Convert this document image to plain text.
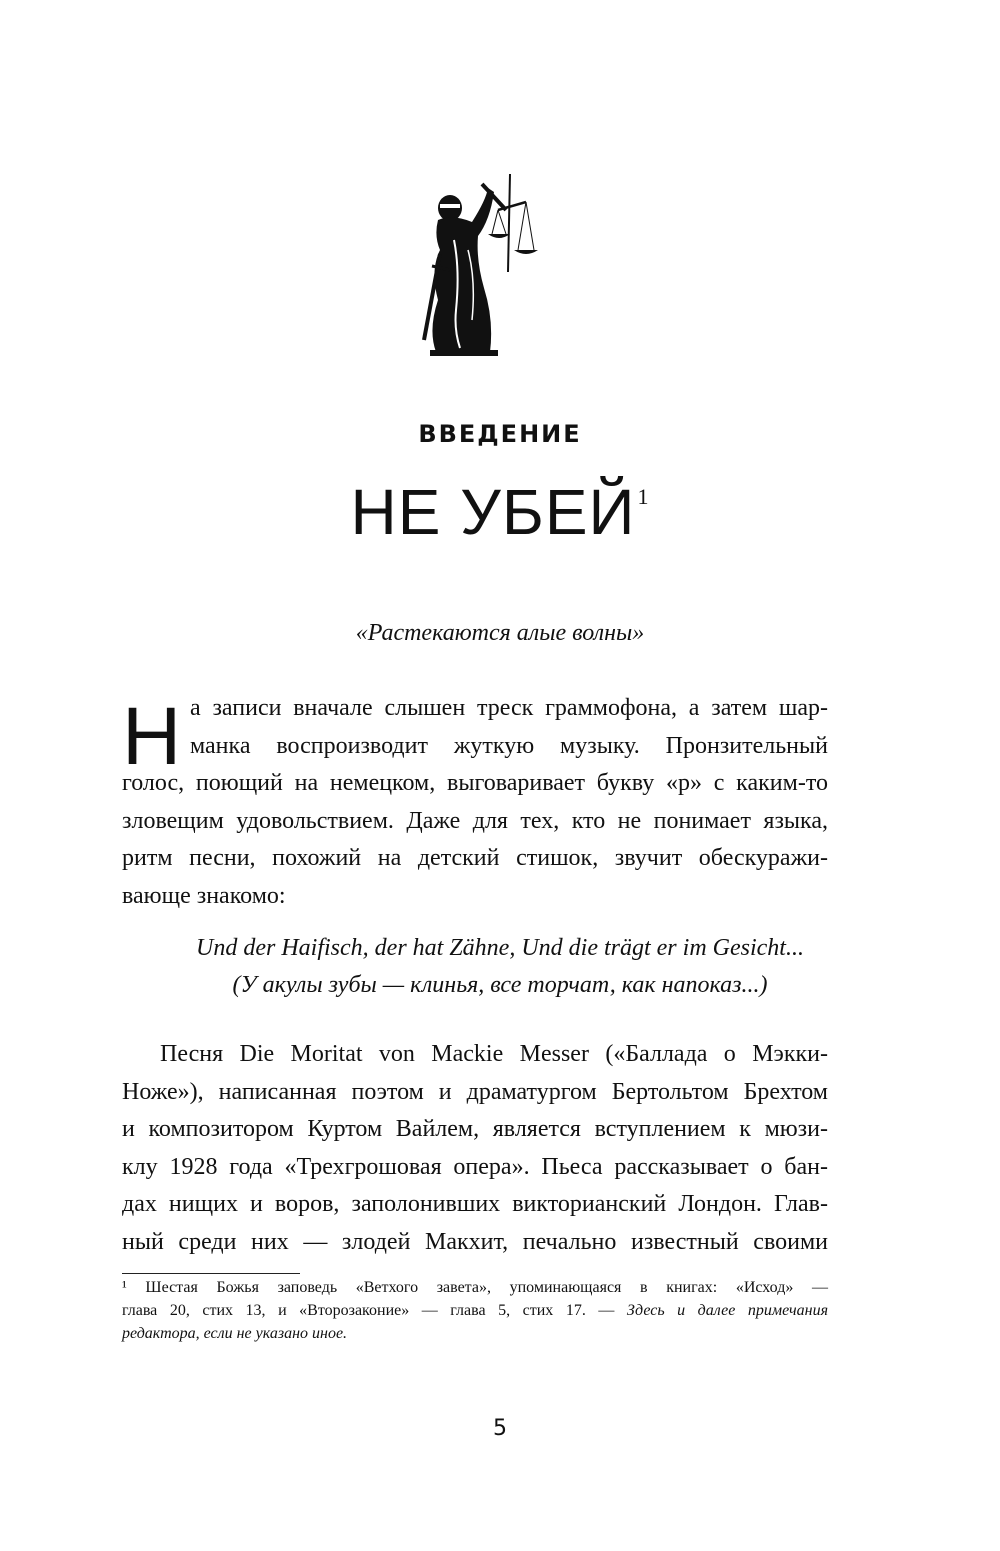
ВВЕДЕНИЕ
НЕ УБЕЙ$^1$
«Растекаются алые волны»
Н а записи вначале слышен треск граммофона, а затем шар-
манка воспроизводит жуткую музыку. Пронзительный
голос, поющий на немецком, выговаривает букву «р» с каким-то
зловещим удовольствием. Даже для тех, кто не понимает языка,
ритм песни, похожий на детский стишок, звучит обескуражи-
вающе знакомо:
Und der Haifisch, der hat Zähne, Und die trägt er im Gesicht...
(У акулы зубы — клинья, все торчат, как напоказ...)
Песня Die Moritat von Mackie Messer («Баллада о Мэкки-
Ноже»), написанная поэтом и драматургом Бертольтом Брехтом
и композитором Куртом Вайлем, является вступлением к мюзи-
клу 1928 года «Трехгрошовая опера». Пьеса рассказывает о бан-
дах нищих и воров, заполонивших викторианский Лондон. Глав-
ный среди них — злодей Макхит, печально известный своими
¹ Шестая Божья заповедь «Ветхого завета», упоминающаяся в книгах: «Исход» —
глава 20, стих 13, и «Второзаконие» — глава 5, стих 17. — Здесь и далее примечания
редактора, если не указано иное.
5
